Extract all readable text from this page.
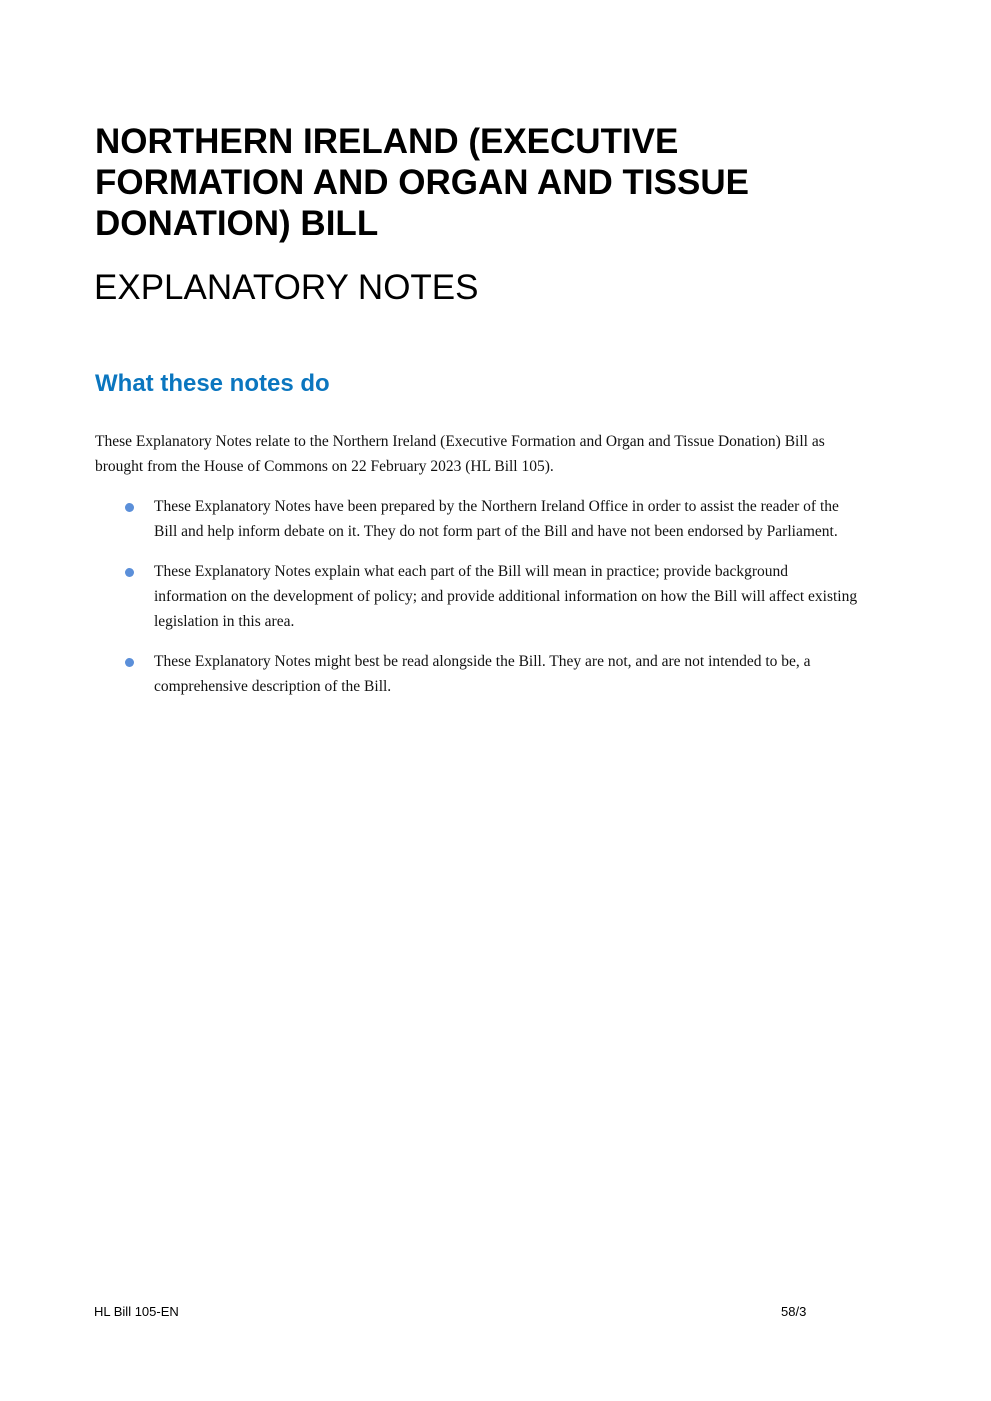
NORTHERN IRELAND (EXECUTIVE FORMATION AND ORGAN AND TISSUE DONATION) BILL
EXPLANATORY NOTES
What these notes do

These Explanatory Notes relate to the Northern Ireland (Executive Formation and Organ and Tissue Donation) Bill as brought from the House of Commons on 22 February 2023 (HL Bill 105).

These Explanatory Notes have been prepared by the Northern Ireland Office in order to assist the reader of the Bill and help inform debate on it. They do not form part of the Bill and have not been endorsed by Parliament.
These Explanatory Notes explain what each part of the Bill will mean in practice; provide background information on the development of policy; and provide additional information on how the Bill will affect existing legislation in this area.
These Explanatory Notes might best be read alongside the Bill. They are not, and are not intended to be, a comprehensive description of the Bill.
HL Bill 105-EN	58/3
